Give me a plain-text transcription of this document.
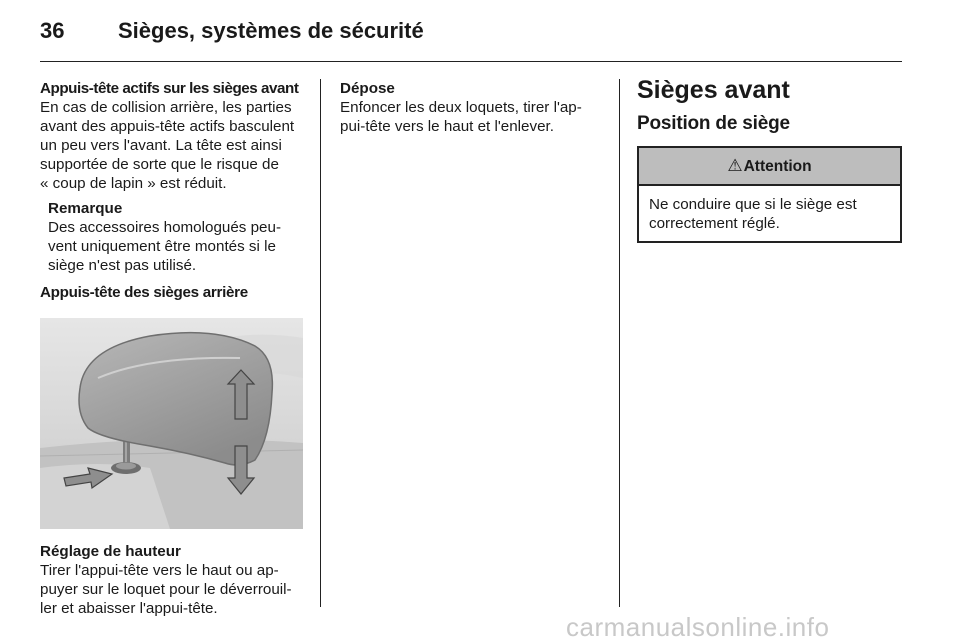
36 Sièges, systèmes de sécurité

Appuis-tête actifs sur les sièges avant

En cas de collision arrière, les parties
avant des appuis-tête actifs basculent
un peu vers l'avant. La tête est ainsi
supportée de sorte que le risque de
« coup de lapin » est réduit.
Remarque
Des accessoires homologués peu-
vent uniquement être montés si le
siège n'est pas utilisé.

Appuis-tête des sièges arrière

Réglage de hauteur
Tirer l'appui-tête vers le haut ou ap-
puyer sur le loquet pour le déverrouil-
ler et abaisser l'appui-tête.
Dépose
Enfoncer les deux loquets, tirer l'ap-
pui-tête vers le haut et l'enlever.
Sièges avant
Position de siège
⚠Attention
Ne conduire que si le siège est
correctement réglé.
carmanualsonline.info
